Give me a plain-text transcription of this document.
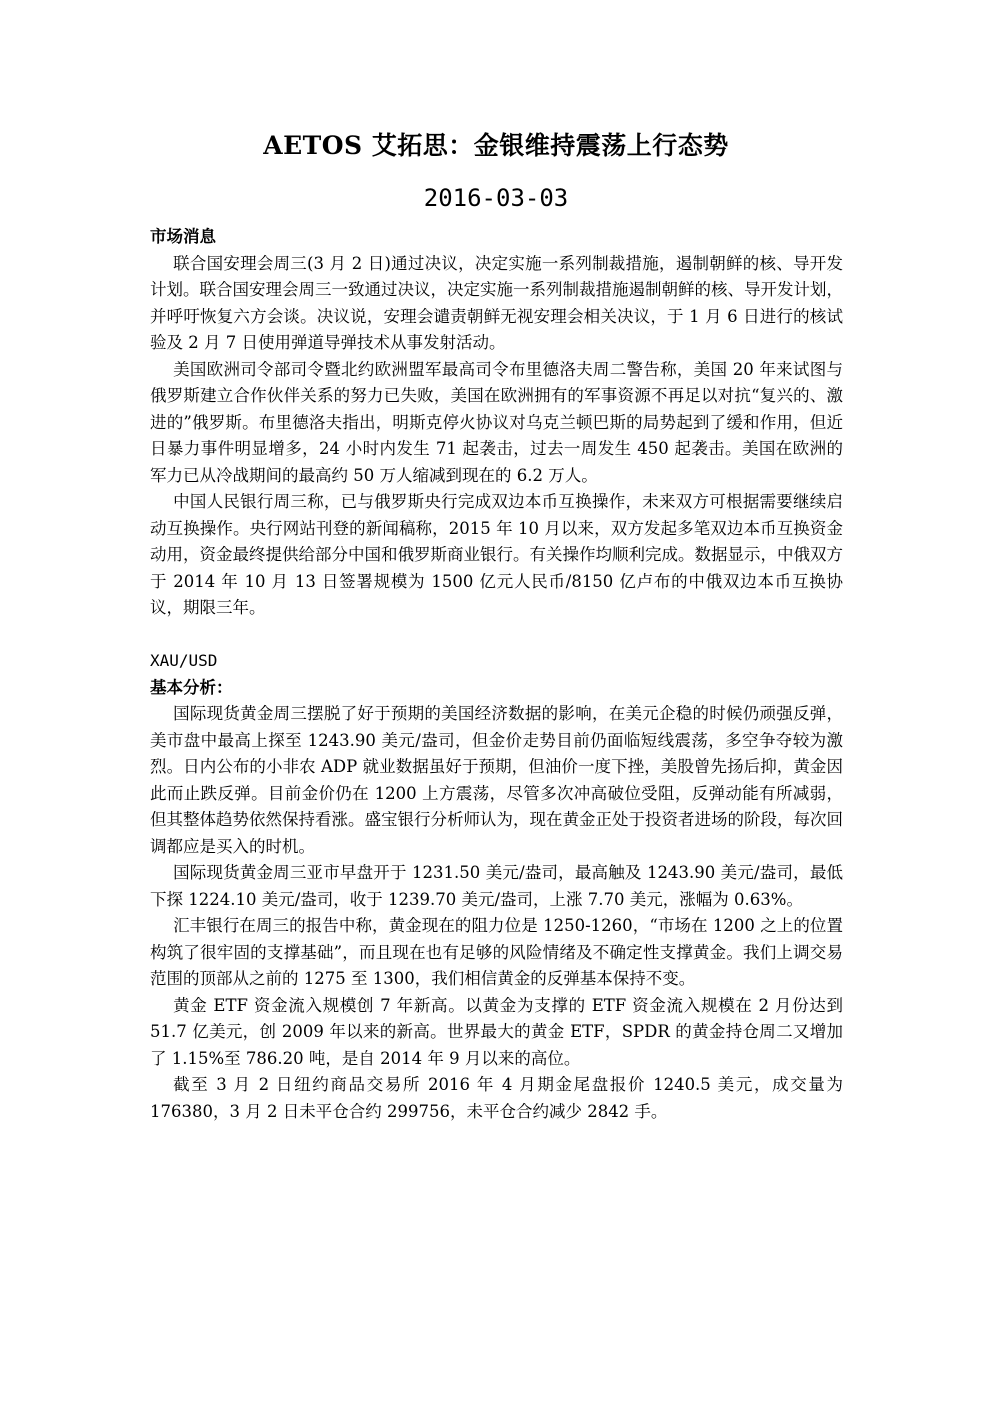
AETOS 艾拓思：金银维持震荡上行态势
2016-03-03

市场消息

联合国安理会周三(3 月 2 日)通过决议，决定实施一系列制裁措施，遏制朝鲜的核、导开发计划。联合国安理会周三一致通过决议，决定实施一系列制裁措施遏制朝鲜的核、导开发计划，并呼吁恢复六方会谈。决议说，安理会谴责朝鲜无视安理会相关决议，于 1 月 6 日进行的核试验及 2 月 7 日使用弹道导弹技术从事发射活动。

美国欧洲司令部司令暨北约欧洲盟军最高司令布里德洛夫周二警告称，美国 20 年来试图与俄罗斯建立合作伙伴关系的努力已失败，美国在欧洲拥有的军事资源不再足以对抗“复兴的、激进的”俄罗斯。布里德洛夫指出，明斯克停火协议对乌克兰顿巴斯的局势起到了缓和作用，但近日暴力事件明显增多，24 小时内发生 71 起袭击，过去一周发生 450 起袭击。美国在欧洲的军力已从冷战期间的最高约 50 万人缩减到现在的 6.2 万人。

中国人民银行周三称，已与俄罗斯央行完成双边本币互换操作，未来双方可根据需要继续启动互换操作。央行网站刊登的新闻稿称，2015 年 10 月以来，双方发起多笔双边本币互换资金动用，资金最终提供给部分中国和俄罗斯商业银行。有关操作均顺利完成。数据显示，中俄双方于 2014 年 10 月 13 日签署规模为 1500 亿元人民币/8150 亿卢布的中俄双边本币互换协议，期限三年。

XAU/USD

基本分析：

国际现货黄金周三摆脱了好于预期的美国经济数据的影响，在美元企稳的时候仍顽强反弹，美市盘中最高上探至 1243.90 美元/盎司，但金价走势目前仍面临短线震荡，多空争夺较为激烈。日内公布的小非农 ADP 就业数据虽好于预期，但油价一度下挫，美股曾先扬后抑，黄金因此而止跌反弹。目前金价仍在 1200 上方震荡，尽管多次冲高破位受阻，反弹动能有所减弱，但其整体趋势依然保持看涨。盛宝银行分析师认为，现在黄金正处于投资者进场的阶段，每次回调都应是买入的时机。

国际现货黄金周三亚市早盘开于 1231.50 美元/盎司，最高触及 1243.90 美元/盎司，最低下探 1224.10 美元/盎司，收于 1239.70 美元/盎司，上涨 7.70 美元，涨幅为 0.63%。

汇丰银行在周三的报告中称，黄金现在的阻力位是 1250-1260，“市场在 1200 之上的位置构筑了很牢固的支撑基础”，而且现在也有足够的风险情绪及不确定性支撑黄金。我们上调交易范围的顶部从之前的 1275 至 1300，我们相信黄金的反弹基本保持不变。

黄金 ETF 资金流入规模创 7 年新高。以黄金为支撑的 ETF 资金流入规模在 2 月份达到 51.7 亿美元，创 2009 年以来的新高。世界最大的黄金 ETF，SPDR 的黄金持仓周二又增加了 1.15%至 786.20 吨，是自 2014 年 9 月以来的高位。

截至 3 月 2 日纽约商品交易所 2016 年 4 月期金尾盘报价 1240.5 美元，成交量为 176380，3 月 2 日未平仓合约 299756，未平仓合约减少 2842 手。
